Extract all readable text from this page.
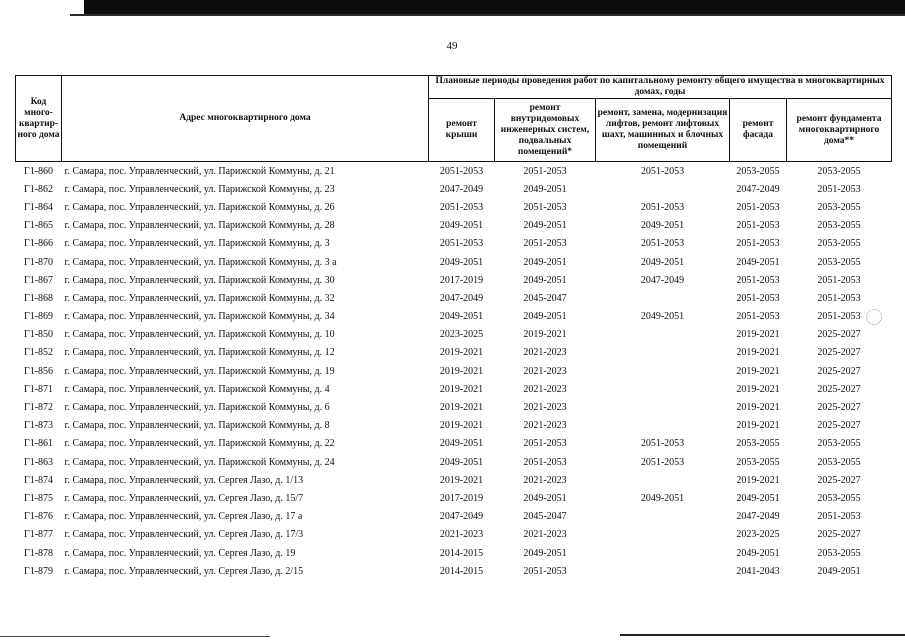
49
Код много-квартир-ного дома	Адрес многоквартирного дома	Плановые периоды проведения работ по капитальному ремонту общего имущества в многоквартирных домах, годы				
		ремонт крыши	ремонт внутридомовых инженерных систем, подвальных помещений*	ремонт, замена, модернизация лифтов, ремонт лифтовых шахт, машинных и блочных помещений	ремонт фасада	ремонт фундамента многоквартирного дома**
Г1-860	г. Самара, пос. Управленческий, ул. Парижской Коммуны, д. 21	2051-2053	2051-2053	2051-2053	2053-2055	2053-2055
Г1-862	г. Самара, пос. Управленческий, ул. Парижской Коммуны, д. 23	2047-2049	2049-2051		2047-2049	2051-2053
Г1-864	г. Самара, пос. Управленческий, ул. Парижской Коммуны, д. 26	2051-2053	2051-2053	2051-2053	2051-2053	2053-2055
Г1-865	г. Самара, пос. Управленческий, ул. Парижской Коммуны, д. 28	2049-2051	2049-2051	2049-2051	2051-2053	2053-2055
Г1-866	г. Самара, пос. Управленческий, ул. Парижской Коммуны, д. 3	2051-2053	2051-2053	2051-2053	2051-2053	2053-2055
Г1-870	г. Самара, пос. Управленческий, ул. Парижской Коммуны, д. 3 а	2049-2051	2049-2051	2049-2051	2049-2051	2053-2055
Г1-867	г. Самара, пос. Управленческий, ул. Парижской Коммуны, д. 30	2017-2019	2049-2051	2047-2049	2051-2053	2051-2053
Г1-868	г. Самара, пос. Управленческий, ул. Парижской Коммуны, д. 32	2047-2049	2045-2047		2051-2053	2051-2053
Г1-869	г. Самара, пос. Управленческий, ул. Парижской Коммуны, д. 34	2049-2051	2049-2051	2049-2051	2051-2053	2051-2053
Г1-850	г. Самара, пос. Управленческий, ул. Парижской Коммуны, д. 10	2023-2025	2019-2021		2019-2021	2025-2027
Г1-852	г. Самара, пос. Управленческий, ул. Парижской Коммуны, д. 12	2019-2021	2021-2023		2019-2021	2025-2027
Г1-856	г. Самара, пос. Управленческий, ул. Парижской Коммуны, д. 19	2019-2021	2021-2023		2019-2021	2025-2027
Г1-871	г. Самара, пос. Управленческий, ул. Парижской Коммуны, д. 4	2019-2021	2021-2023		2019-2021	2025-2027
Г1-872	г. Самара, пос. Управленческий, ул. Парижской Коммуны, д. 6	2019-2021	2021-2023		2019-2021	2025-2027
Г1-873	г. Самара, пос. Управленческий, ул. Парижской Коммуны, д. 8	2019-2021	2021-2023		2019-2021	2025-2027
Г1-861	г. Самара, пос. Управленческий, ул. Парижской Коммуны, д. 22	2049-2051	2051-2053	2051-2053	2053-2055	2053-2055
Г1-863	г. Самара, пос. Управленческий, ул. Парижской Коммуны, д. 24	2049-2051	2051-2053	2051-2053	2053-2055	2053-2055
Г1-874	г. Самара, пос. Управленческий, ул. Сергея Лазо, д. 1/13	2019-2021	2021-2023		2019-2021	2025-2027
Г1-875	г. Самара, пос. Управленческий, ул. Сергея Лазо, д. 15/7	2017-2019	2049-2051	2049-2051	2049-2051	2053-2055
Г1-876	г. Самара, пос. Управленческий, ул. Сергея Лазо, д. 17 а	2047-2049	2045-2047		2047-2049	2051-2053
Г1-877	г. Самара, пос. Управленческий, ул. Сергея Лазо, д. 17/3	2021-2023	2021-2023		2023-2025	2025-2027
Г1-878	г. Самара, пос. Управленческий, ул. Сергея Лазо, д. 19	2014-2015	2049-2051		2049-2051	2053-2055
Г1-879	г. Самара, пос. Управленческий, ул. Сергея Лазо, д. 2/15	2014-2015	2051-2053		2041-2043	2049-2051
